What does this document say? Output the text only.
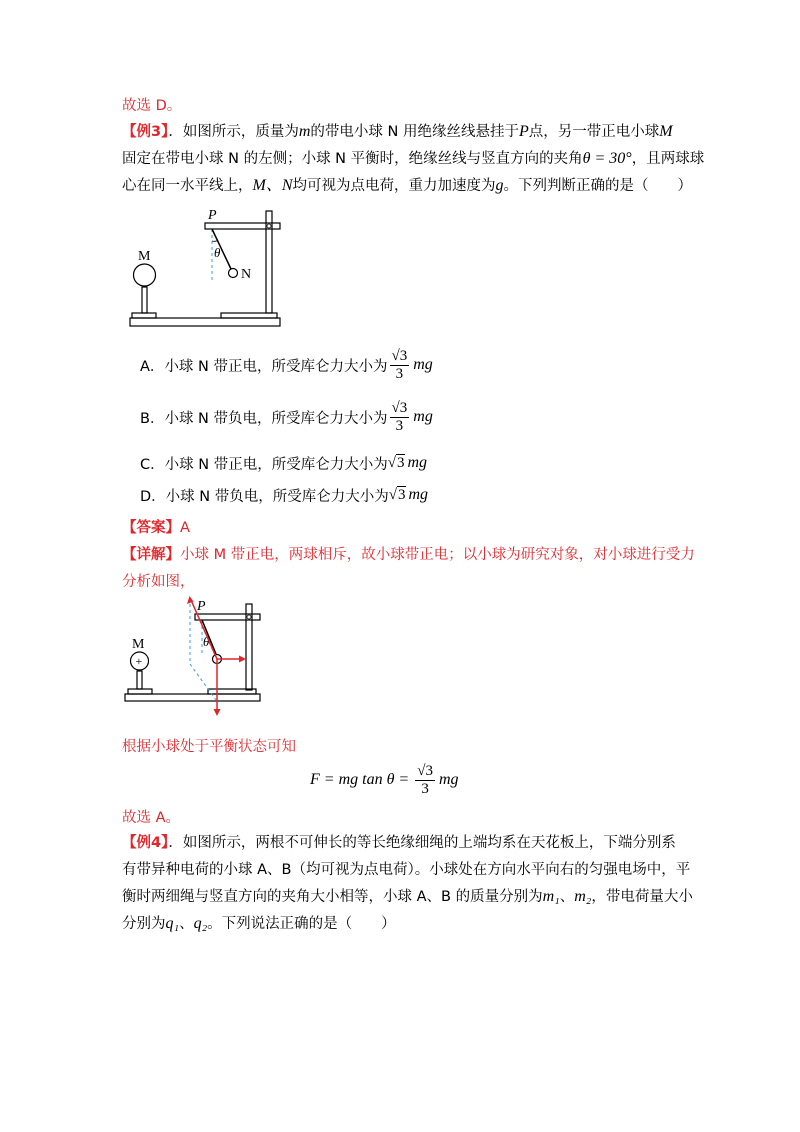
故选 D。
【例3】．如图所示，质量为m的带电小球 N 用绝缘丝线悬挂于P点，另一带正电小球M
固定在带电小球 N 的左侧；小球 N 平衡时，绝缘丝线与竖直方向的夹角θ = 30°，且两球球
心在同一水平线上，M、N均可视为点电荷，重力加速度为g。下列判断正确的是（　　）
M
P
θ
N
A． 小球 N 带正电，所受库仑力大小为 $\frac{√3}{3}$ mg
B． 小球 N 带负电，所受库仑力大小为 $\frac{√3}{3}$ mg
C． 小球 N 带正电，所受库仑力大小为 √3 mg
D． 小球 N 带负电，所受库仑力大小为 √3 mg
【答案】A
【详解】小球 M 带正电，两球相斥，故小球带正电；以小球为研究对象，对小球进行受力
分析如图，
+
M
P
θ
根据小球处于平衡状态可知
F = mg $\tan \theta = \frac{√3}{3}$ mg
故选 A。
【例4】．如图所示，两根不可伸长的等长绝缘细绳的上端均系在天花板上，下端分别系
有带异种电荷的小球 A、B（均可视为点电荷）。小球处在方向水平向右的匀强电场中，平
衡时两细绳与竖直方向的夹角大小相等，小球 A、B 的质量分别为m₁、m₂，带电荷量大小
分别为q₁、q₂。下列说法正确的是（　　）
